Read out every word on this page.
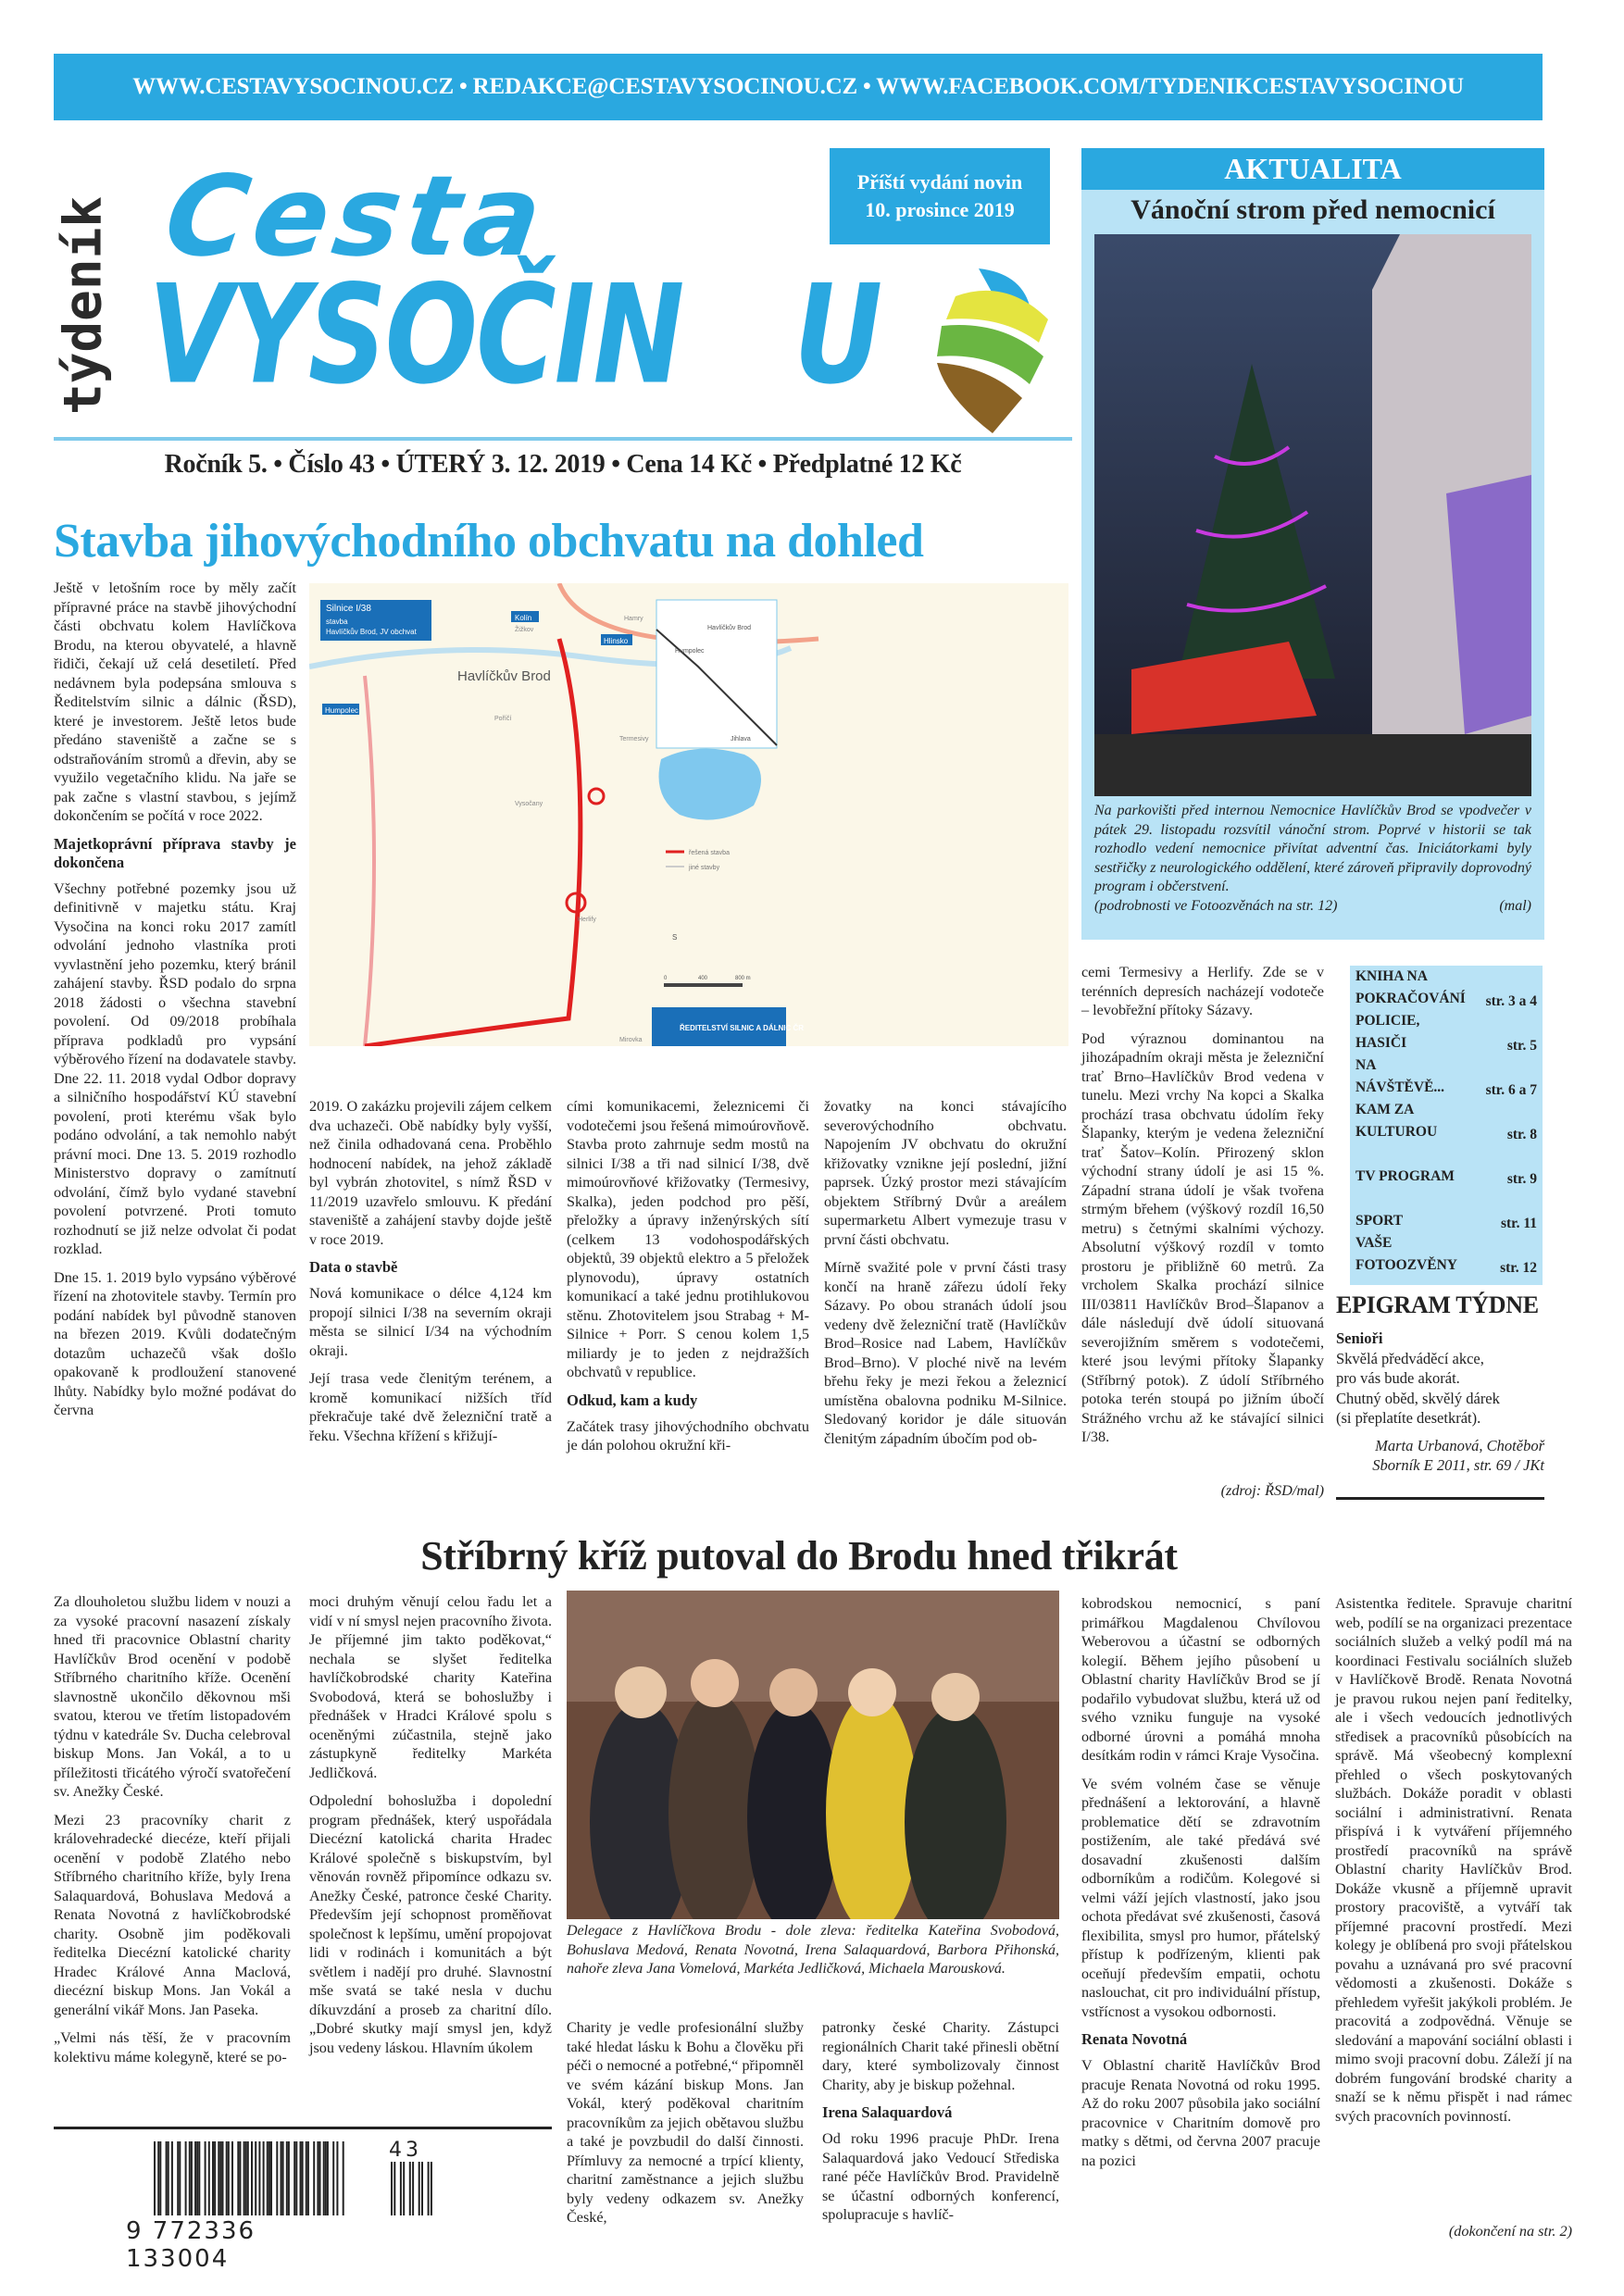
WWW.CESTAVYSOCINOU.CZ • REDAKCE@CESTAVYSOCINOU.CZ • WWW.FACEBOOK.COM/TYDENIKCESTAVYSOCINOU
týdeník Cesta
VYSOČIN U
Příští vydání novin
10. prosince 2019
Ročník 5. • Číslo 43 • ÚTERÝ 3. 12. 2019 • Cena 14 Kč • Předplatné 12 Kč
Stavba jihovýchodního obchvatu na dohled

Ještě v letošním roce by měly začít přípravné práce na stavbě jihovýchodní části obchvatu kolem Havlíčkova Brodu, na kterou obyvatelé, a hlavně řidiči, čekají už celá desetiletí. Před nedávnem byla podepsána smlouva s Ředitelstvím silnic a dálnic (ŘSD), které je investorem. Ještě letos bude předáno staveniště a začne se s odstraňováním stromů a dřevin, aby se využilo vegetačního klidu. Na jaře se pak začne s vlastní stavbou, s jejímž dokončením se počítá v roce 2022.

Majetkoprávní příprava stavby je dokončena

Všechny potřebné pozemky jsou už definitivně v majetku státu. Kraj Vysočina na konci roku 2017 zamítl odvolání jednoho vlastníka proti vyvlastnění jeho pozemku, který bránil zahájení stavby. ŘSD podalo do srpna 2018 žádosti o všechna stavební povolení. Od 09/2018 probíhala příprava podkladů pro vypsání výběrového řízení na dodavatele stavby. Dne 22. 11. 2018 vydal Odbor dopravy a silničního hospodářství KÚ stavební povolení, proti kterému však bylo podáno odvolání, a tak nemohlo nabýt právní moci. Dne 13. 5. 2019 rozhodlo Ministerstvo dopravy o zamítnutí odvolání, čímž bylo vydané stavební povolení potvrzené. Proti tomuto rozhodnutí se již nelze odvolat či podat rozklad.

Dne 15. 1. 2019 bylo vypsáno výběrové řízení na zhotovitele stavby. Termín pro podání nabídek byl původně stanoven na březen 2019. Kvůli dodatečným dotazům uchazečů však došlo opakovaně k prodloužení stanovené lhůty. Nabídky bylo možné podávat do června

Silnice I/38
stavba
Havlíčkův Brod, JV obchvat
Havlíčkův Brod
Kolín
Žižkov
Hamry
Hlinsko
Humpolec
Poříčí
Termesivy
Vysočany
Herlify
Mirovka
Havlíčkův Brod
Humpolec
Jihlava
řešená stavba
jiné stavby
S
0	400	800 m
ŘEDITELSTVÍ SILNIC A DÁLNIC ČR

2019. O zakázku projevili zájem celkem dva uchazeči. Obě nabídky byly vyšší, než činila odhadovaná cena. Proběhlo hodnocení nabídek, na jehož základě byl vybrán zhotovitel, s nímž ŘSD v 11/2019 uzavřelo smlouvu. K předání staveniště a zahájení stavby dojde ještě v roce 2019.

Data o stavbě

Nová komunikace o délce 4,124 km propojí silnici I/38 na severním okraji města se silnicí I/34 na východním okraji.

Její trasa vede členitým terénem, a kromě komunikací nižších tříd překračuje také dvě železniční tratě a řeku. Všechna křížení s křižují-

cími komunikacemi, železnicemi či vodotečemi jsou řešená mimoúrovňově. Stavba proto zahrnuje sedm mostů na silnici I/38 a tři nad silnicí I/38, dvě mimoúrovňové křižovatky (Termesivy, Skalka), jeden podchod pro pěší, přeložky a úpravy inženýrských sítí (celkem 13 vodohospodářských objektů, 39 objektů elektro a 5 přeložek plynovodu), úpravy ostatních komunikací a také jednu protihlukovou stěnu. Zhotovitelem jsou Strabag + M-Silnice + Porr. S cenou kolem 1,5 miliardy je to jeden z nejdražších obchvatů v republice.

Odkud, kam a kudy

Začátek trasy jihovýchodního obchvatu je dán polohou okružní kři-

žovatky na konci stávajícího severovýchodního obchvatu. Napojením JV obchvatu do okružní křižovatky vznikne její poslední, jižní paprsek. Úzký prostor mezi stávajícím objektem Stříbrný Dvůr a areálem supermarketu Albert vymezuje trasu v první části obchvatu.

Mírně svažité pole v první části trasy končí na hraně zářezu údolí řeky Sázavy. Po obou stranách údolí jsou vedeny dvě železniční tratě (Havlíčkův Brod–Rosice nad Labem, Havlíčkův Brod–Brno). V ploché nivě na levém břehu řeky je mezi řekou a železnicí umístěna obalovna podniku M-Silnice. Sledovaný koridor je dále situován členitým západním úbočím pod ob-

cemi Termesivy a Herlify. Zde se v terénních depresích nacházejí vodoteče – levobřežní přítoky Sázavy.

Pod výraznou dominantou na jihozápadním okraji města je železniční trať Brno–Havlíčkův Brod vedena v tunelu. Mezi vrchy Na kopci a Skalka prochází trasa obchvatu údolím řeky Šlapanky, kterým je vedena železniční trať Šatov–Kolín. Přirozený sklon východní strany údolí je asi 15 %. Západní strana údolí je však tvořena strmým břehem (výškový rozdíl 16,50 metru) s četnými skalními výchozy. Absolutní výškový rozdíl v tomto prostoru je přibližně 60 metrů. Za vrcholem Skalka prochází silnice III/03811 Havlíčkův Brod–Šlapanov a dále následují dvě údolí situovaná severojižním směrem s vodotečemi, které jsou levými přítoky Šlapanky (Stříbrný potok). Z údolí Stříbrného potoka terén stoupá po jižním úbočí Strážného vrchu až ke stávající silnici I/38.

(zdroj: ŘSD/mal)
AKTUALITA
Vánoční strom před nemocnicí
Na parkovišti před internou Nemocnice Havlíčkův Brod se vpodvečer v pátek 29. listopadu rozsvítil vánoční strom. Poprvé v historii se tak rozhodlo vedení nemocnice přivítat adventní čas. Iniciátorkami byly sestřičky z neurologického oddělení, které zároveň připravily doprovodný program i občerstvení.
(podrobnosti ve Fotoozvěnách na str. 12)	(mal)
KNIHA NA POKRAČOVÁNÍ str. 3 a 4
POLICIE, HASIČI	str. 5
NA NÁVŠTĚVĚ...	str. 6 a 7
KAM ZA KULTUROU	str. 8
TV PROGRAM	str. 9
SPORT	str. 11
VAŠE FOTOOZVĚNY	str. 12
EPIGRAM TÝDNE
Senioři
Skvělá předváděcí akce,
pro vás bude akorát.
Chutný oběd, skvělý dárek
(si přeplatíte desetkrát).
Marta Urbanová, Chotěboř
Sborník E 2011, str. 69 / JKt
Stříbrný kříž putoval do Brodu hned třikrát

Za dlouholetou službu lidem v nouzi a za vysoké pracovní nasazení získaly hned tři pracovnice Oblastní charity Havlíčkův Brod ocenění v podobě Stříbrného charitního kříže. Ocenění slavnostně ukončilo děkovnou mši svatou, kterou ve třetím listopadovém týdnu v katedrále Sv. Ducha celebroval biskup Mons. Jan Vokál, a to u příležitosti třicátého výročí svatořečení sv. Anežky České.

Mezi 23 pracovníky charit z královehradecké diecéze, kteří přijali ocenění v podobě Zlatého nebo Stříbrného charitního kříže, byly Irena Salaquardová, Bohuslava Medová a Renata Novotná z havlíčkobrodské charity. Osobně jim poděkovali ředitelka Diecézní katolické charity Hradec Králové Anna Maclová, diecézní biskup Mons. Jan Vokál a generální vikář Mons. Jan Paseka.

„Velmi nás těší, že v pracovním kolektivu máme kolegyně, které se po-

moci druhým věnují celou řadu let a vidí v ní smysl nejen pracovního života. Je příjemné jim takto poděkovat,“ nechala se slyšet ředitelka havlíčkobrodské charity Kateřina Svobodová, která se bohoslužby i přednášek v Hradci Králové spolu s oceněnými zúčastnila, stejně jako zástupkyně ředitelky Markéta Jedličková.

Odpolední bohoslužba i dopolední program přednášek, který uspořádala Diecézní katolická charita Hradec Králové společně s biskupstvím, byl věnován rovněž připomínce odkazu sv. Anežky České, patronce české Charity. Především její schopnost proměňovat společnost k lepšímu, umění propojovat lidi v rodinách i komunitách a být světlem i nadějí pro druhé. Slavnostní mše svatá se také nesla v duchu díkuvzdání a proseb za charitní dílo. „Dobré skutky mají smysl jen, když jsou vedeny láskou. Hlavním úkolem

Delegace z Havlíčkova Brodu - dole zleva: ředitelka Kateřina Svobodová, Bohuslava Medová, Renata Novotná, Irena Salaquardová, Barbora Přihonská, nahoře zleva Jana Vomelová, Markéta Jedličková, Michaela Marousková.

Charity je vedle profesionální služby také hledat lásku k Bohu a člověku při péči o nemocné a potřebné,“ připomněl ve svém kázání biskup Mons. Jan Vokál, který poděkoval charitním pracovníkům za jejich obětavou službu a také je povzbudil do další činnosti. Přímluvy za nemocné a trpící klienty, charitní zaměstnance a jejich službu byly vedeny odkazem sv. Anežky České,

patronky české Charity. Zástupci regionálních Charit také přinesli obětní dary, které symbolizovaly činnost Charity, aby je biskup požehnal.

Irena Salaquardová

Od roku 1996 pracuje PhDr. Irena Salaquardová jako Vedoucí Střediska rané péče Havlíčkův Brod. Pravidelně se účastní odborných konferencí, spolupracuje s havlíč-

kobrodskou nemocnicí, s paní primářkou Magdalenou Chvílovou Weberovou a účastní se odborných kolegií. Během jejího působení u Oblastní charity Havlíčkův Brod se jí podařilo vybudovat službu, která už od svého vzniku funguje na vysoké odborné úrovni a pomáhá mnoha desítkám rodin v rámci Kraje Vysočina.

Ve svém volném čase se věnuje přednášení a lektorování, a hlavně problematice dětí se zdravotním postižením, ale také předává své dosavadní zkušenosti dalším odborníkům a rodičům. Kolegové si velmi váží jejích vlastností, jako jsou ochota předávat své zkušenosti, časová flexibilita, smysl pro humor, přátelský přístup k podřízeným, klienti pak oceňují především empatii, ochotu naslouchat, cit pro individuální přístup, vstřícnost a vysokou odbornosti.

Renata Novotná

V Oblastní charitě Havlíčkův Brod pracuje Renata Novotná od roku 1995. Až do roku 2007 působila jako sociální pracovnice v Charitním domově pro matky s dětmi, od června 2007 pracuje na pozici

Asistentka ředitele. Spravuje charitní web, podílí se na organizaci prezentace sociálních služeb a velký podíl má na koordinaci Festivalu sociálních služeb v Havlíčkově Brodě. Renata Novotná je pravou rukou nejen paní ředitelky, ale i všech vedoucích jednotlivých středisek a pracovníků působících na správě. Má všeobecný komplexní přehled o všech poskytovaných službách. Dokáže poradit v oblasti sociální i administrativní. Renata přispívá i k vytváření příjemného prostředí pracovníků na správě Oblastní charity Havlíčkův Brod. Dokáže vkusně a příjemně upravit prostory pracoviště, a vytváří tak příjemné pracovní prostředí. Mezi kolegy je oblíbená pro svoji přátelskou povahu a uznávaná pro své pracovní vědomosti a zkušenosti. Dokáže s přehledem vyřešit jakýkoli problém. Je pracovitá a zodpovědná. Věnuje se sledování a mapování sociální oblasti i mimo svoji pracovní dobu. Záleží jí na dobrém fungování brodské charity a snaží se k němu přispět i nad rámec svých pracovních povinností.

(dokončení na str. 2)
9 772336 133004
43
